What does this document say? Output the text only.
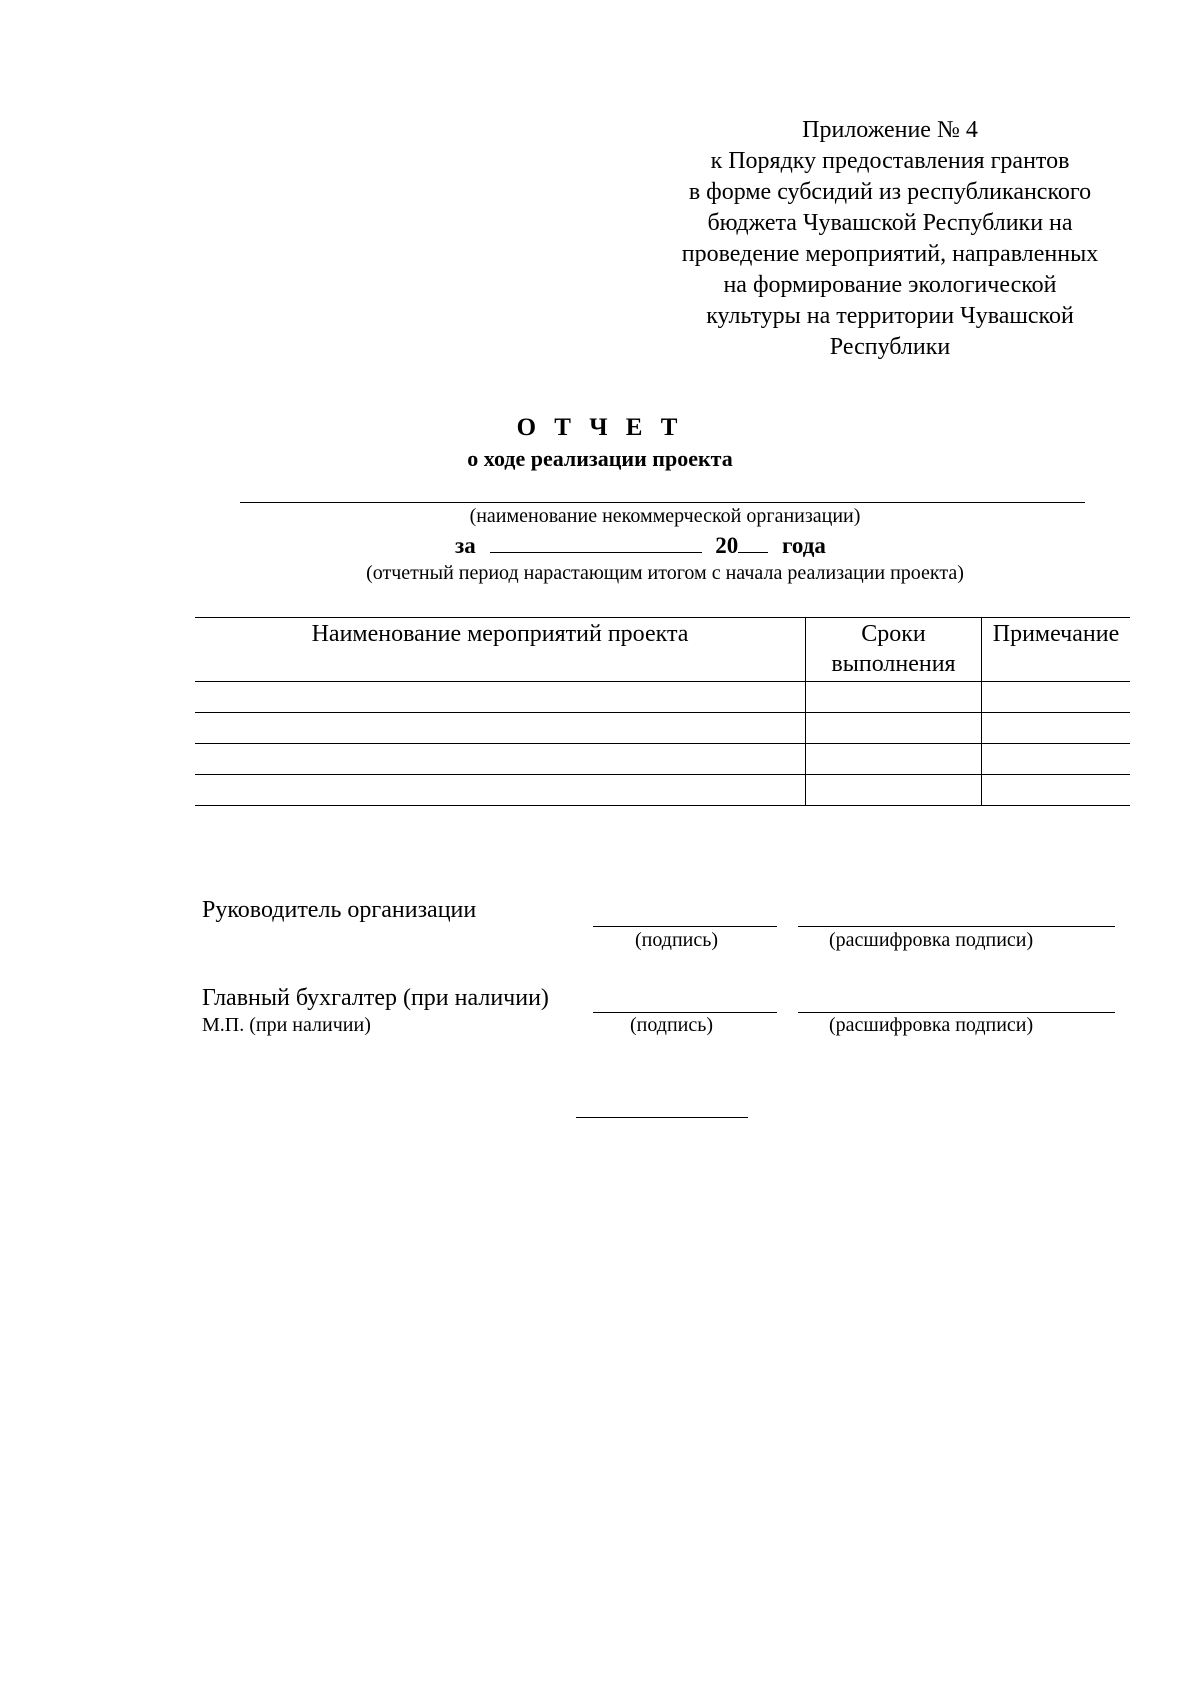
Приложение № 4
к Порядку предоставления грантов
в форме субсидий из республиканского
бюджета Чувашской Республики на
проведение мероприятий, направленных
на формирование экологической
культуры на территории Чувашской
Республики
О Т Ч Е Т
о ходе реализации проекта
(наименование некоммерческой организации)
за	20 года
(отчетный период нарастающим итогом с начала реализации проекта)
Наименование мероприятий проекта	Сроки выполнения	Примечание

Руководитель организации
(подпись)	(расшифровка подписи)
Главный бухгалтер (при наличии)
М.П. (при наличии)	(подпись)	(расшифровка подписи)
